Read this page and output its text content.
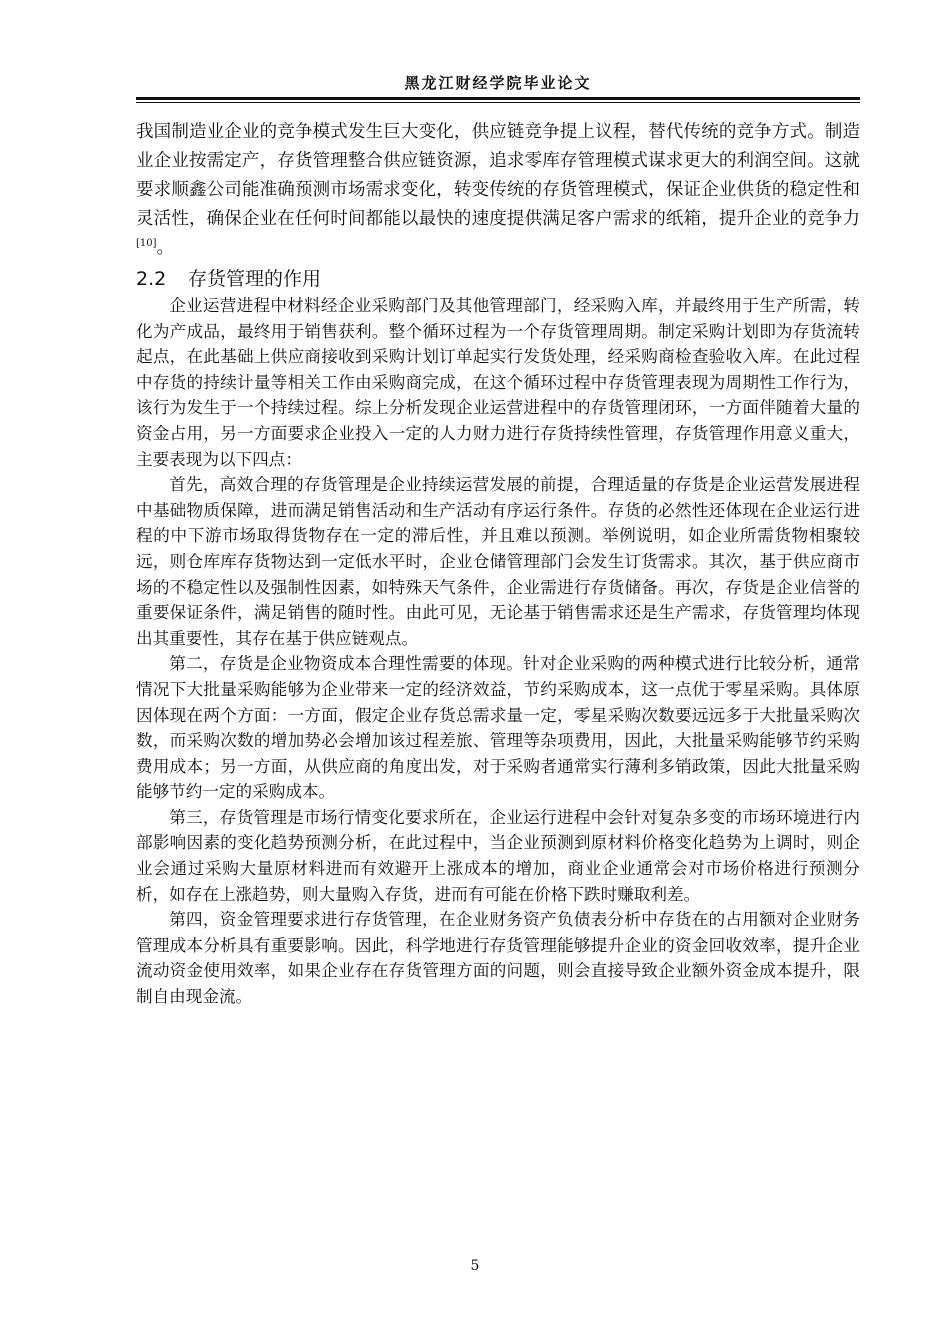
黑龙江财经学院毕业论文

我国制造业企业的竞争模式发生巨大变化，供应链竞争提上议程，替代传统的竞争方式。制造业企业按需定产，存货管理整合供应链资源，追求零库存管理模式谋求更大的利润空间。这就要求顺鑫公司能准确预测市场需求变化，转变传统的存货管理模式，保证企业供货的稳定性和灵活性，确保企业在任何时间都能以最快的速度提供满足客户需求的纸箱，提升企业的竞争力[10]。

2.2 存货管理的作用

企业运营进程中材料经企业采购部门及其他管理部门，经采购入库，并最终用于生产所需，转化为产成品，最终用于销售获利。整个循环过程为一个存货管理周期。制定采购计划即为存货流转起点，在此基础上供应商接收到采购计划订单起实行发货处理，经采购商检查验收入库。在此过程中存货的持续计量等相关工作由采购商完成，在这个循环过程中存货管理表现为周期性工作行为，该行为发生于一个持续过程。综上分析发现企业运营进程中的存货管理闭环，一方面伴随着大量的资金占用，另一方面要求企业投入一定的人力财力进行存货持续性管理，存货管理作用意义重大，主要表现为以下四点：

首先，高效合理的存货管理是企业持续运营发展的前提，合理适量的存货是企业运营发展进程中基础物质保障，进而满足销售活动和生产活动有序运行条件。存货的必然性还体现在企业运行进程的中下游市场取得货物存在一定的滞后性，并且难以预测。举例说明，如企业所需货物相聚较远，则仓库库存货物达到一定低水平时，企业仓储管理部门会发生订货需求。其次，基于供应商市场的不稳定性以及强制性因素，如特殊天气条件，企业需进行存货储备。再次，存货是企业信誉的重要保证条件，满足销售的随时性。由此可见，无论基于销售需求还是生产需求，存货管理均体现出其重要性，其存在基于供应链观点。

第二，存货是企业物资成本合理性需要的体现。针对企业采购的两种模式进行比较分析，通常情况下大批量采购能够为企业带来一定的经济效益，节约采购成本，这一点优于零星采购。具体原因体现在两个方面：一方面，假定企业存货总需求量一定，零星采购次数要远远多于大批量采购次数，而采购次数的增加势必会增加该过程差旅、管理等杂项费用，因此，大批量采购能够节约采购费用成本；另一方面，从供应商的角度出发，对于采购者通常实行薄利多销政策，因此大批量采购能够节约一定的采购成本。

第三，存货管理是市场行情变化要求所在，企业运行进程中会针对复杂多变的市场环境进行内部影响因素的变化趋势预测分析，在此过程中，当企业预测到原材料价格变化趋势为上调时，则企业会通过采购大量原材料进而有效避开上涨成本的增加，商业企业通常会对市场价格进行预测分析，如存在上涨趋势，则大量购入存货，进而有可能在价格下跌时赚取利差。

第四，资金管理要求进行存货管理，在企业财务资产负债表分析中存货在的占用额对企业财务管理成本分析具有重要影响。因此，科学地进行存货管理能够提升企业的资金回收效率，提升企业流动资金使用效率，如果企业存在存货管理方面的问题，则会直接导致企业额外资金成本提升，限制自由现金流。

5
